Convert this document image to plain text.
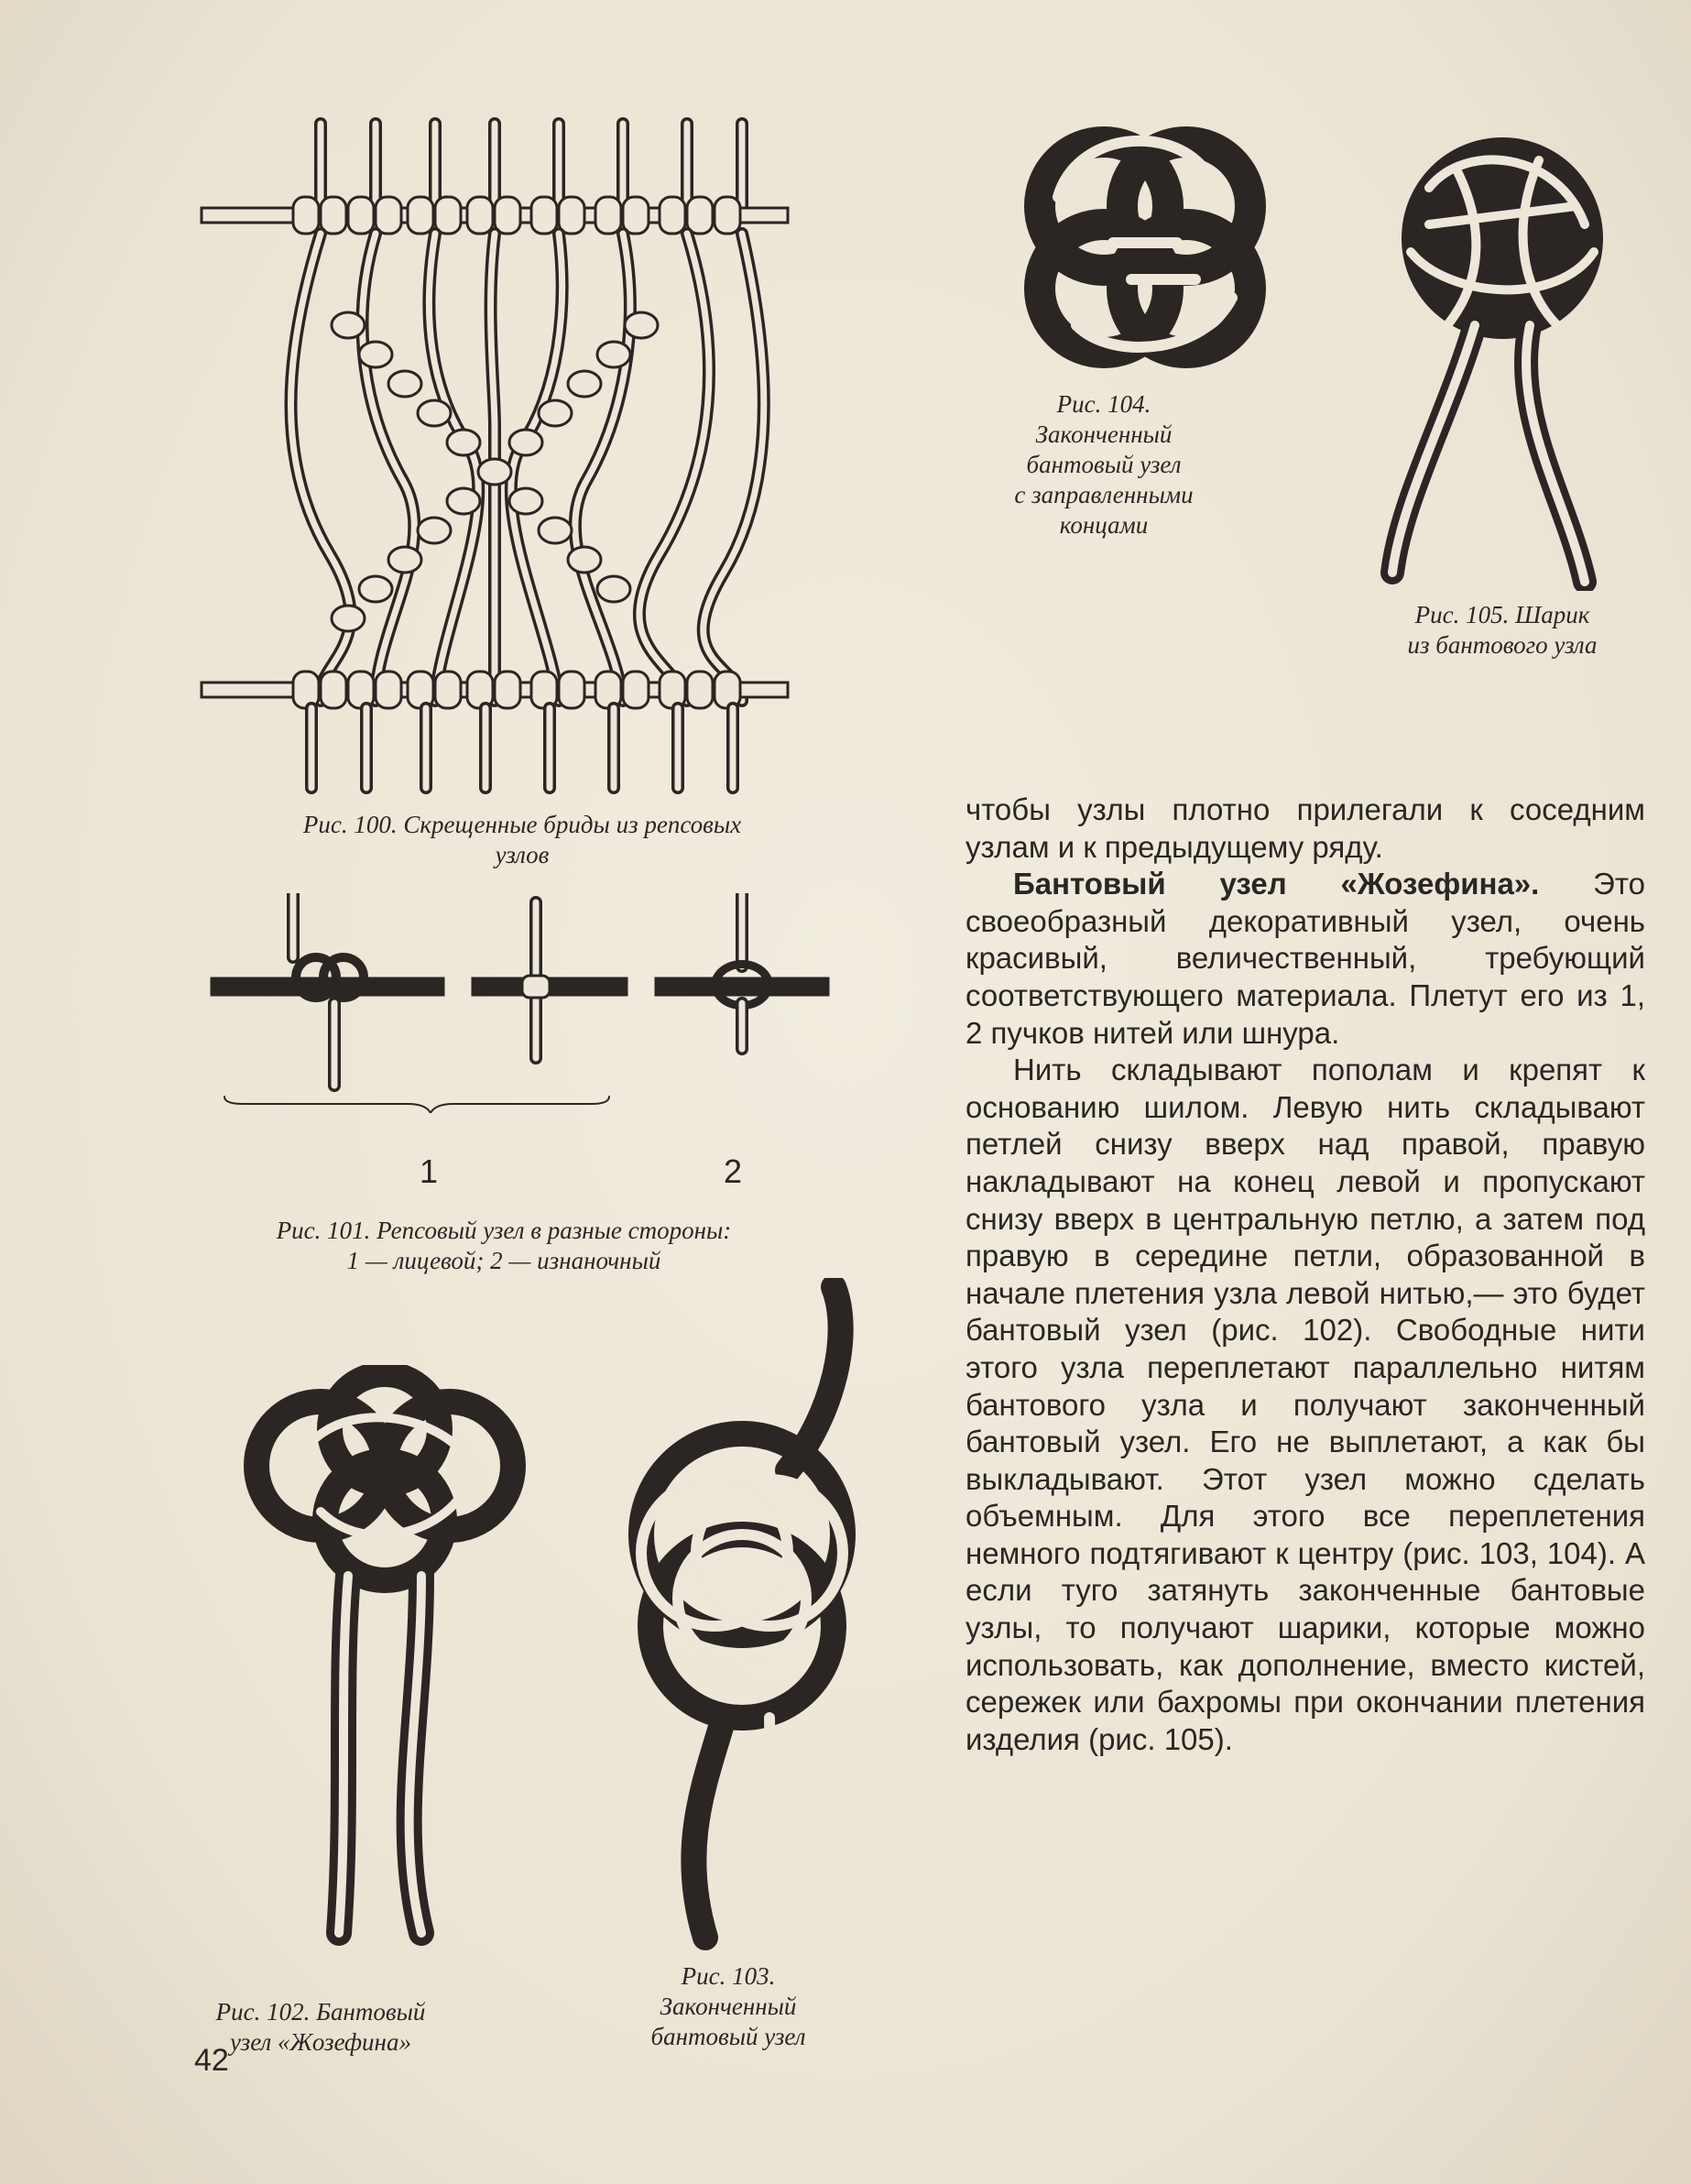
Рис. 100. Скрещенные бриды из репсовых
узлов

1	2

Рис. 101. Репсовый узел в разные стороны:
1 — лицевой; 2 — изнаночный

Рис. 102. Бантовый
узел «Жозефина»

Рис. 103.
Законченный
бантовый узел

Рис. 104.
Законченный
бантовый узел
с заправленными
концами

Рис. 105. Шарик
из бантового узла

чтобы узлы плотно прилегали к соседним узлам и к предыдущему ряду.

Бантовый узел «Жозефина». Это своеобразный декоративный узел, очень красивый, величественный, требующий соответствующего материала. Плетут его из 1, 2 пучков нитей или шнура.

Нить складывают пополам и крепят к основанию шилом. Левую нить складывают петлей снизу вверх над правой, правую накладывают на конец левой и пропускают снизу вверх в центральную петлю, а затем под правую в середине петли, образованной в начале плетения узла левой нитью,— это будет бантовый узел (рис. 102). Свободные нити этого узла переплетают параллельно нитям бантового узла и получают законченный бантовый узел. Его не выплетают, а как бы выкладывают. Этот узел можно сделать объемным. Для этого все переплетения немного подтягивают к центру (рис. 103, 104). А если туго затянуть законченные бантовые узлы, то получают шарики, которые можно использовать, как дополнение, вместо кистей, сережек или бахромы при окончании плетения изделия (рис. 105).

42
